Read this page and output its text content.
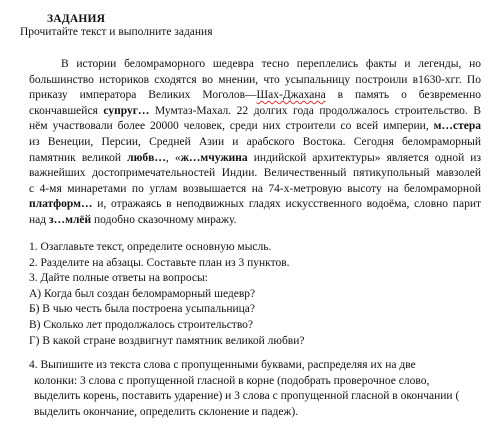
ЗАДАНИЯ
Прочитайте текст и выполните задания
В истории беломраморного шедевра тесно переплелись факты и легенды, но
большинство историков сходятся во мнении, что усыпальницу построили в1630-хгг. По
приказу императора Великих Моголов—Шах-Джахана в память о безвременно
скончавшейся супруг… Мумтаз-Махал. 22 долгих года продолжалось строительство. В
нём участвовали более 20000 человек, среди них строители со всей империи, м…стера
из Венеции, Персии, Средней Азии и арабского Востока. Сегодня беломраморный
памятник великой любв…, «ж…мчужина индийской архитектуры» является одной из
важнейших достопримечательностей Индии. Величественный пятикупольный мавзолей
с 4-мя минаретами по углам возвышается на 74-х-метровую высоту на беломраморной
платформ… и, отражаясь в неподвижных гладях искусственного водоёма, словно парит
над з…млёй подобно сказочному миражу.
1. Озаглавьте текст, определите основную мысль.
2. Разделите на абзацы. Составьте план из 3 пунктов.
3. Дайте полные ответы на вопросы:
А) Когда был создан беломраморный шедевр?
Б) В чью честь была построена усыпальница?
В) Сколько лет продолжалось строительство?
Г) В какой стране воздвигнут памятник великой любви?
4. Выпишите из текста слова с пропущенными буквами, распределяя их на две
колонки: 3 слова с пропущенной гласной в корне (подобрать проверочное слово,
выделить корень, поставить ударение) и 3 слова с пропущенной гласной в окончании (
выделить окончание, определить склонение и падеж).
